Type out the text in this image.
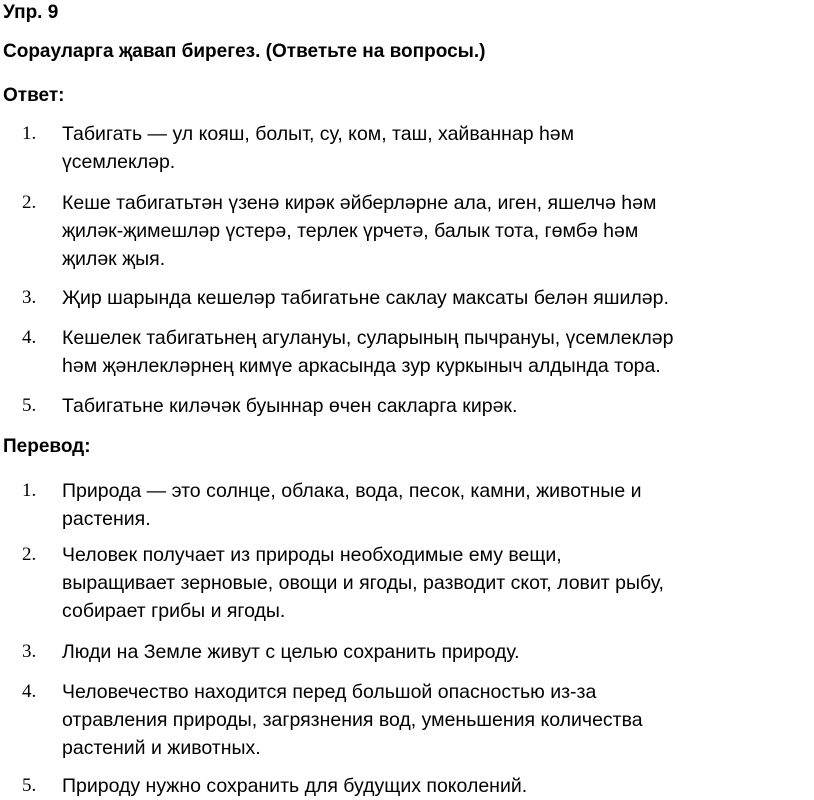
Упр. 9
Сорауларга җавап бирегез. (Ответьте на вопросы.)
Ответ:
1. Табигать — ул кояш, болыт, су, ком, таш, хайваннар һәм
үсемлекләр.
2. Кеше табигатьтән үзенә кирәк әйберләрне ала, иген, яшелчә һәм
җиләк-җимешләр үстерә, терлек үрчетә, балык тота, гөмбә һәм
җиләк җыя.
3. Җир шарында кешеләр табигатьне саклау максаты белән яшиләр.
4. Кешелек табигатьнең агулануы, суларының пычрануы, үсемлекләр
һәм җәнлекләрнең кимүе аркасында зур куркыныч алдында тора.
5. Табигатьне киләчәк буыннар өчен сакларга кирәк.
Перевод:
1. Природа — это солнце, облака, вода, песок, камни, животные и
растения.
2. Человек получает из природы необходимые ему вещи,
выращивает зерновые, овощи и ягоды, разводит скот, ловит рыбу,
собирает грибы и ягоды.
3. Люди на Земле живут с целью сохранить природу.
4. Человечество находится перед большой опасностью из-за
отравления природы, загрязнения вод, уменьшения количества
растений и животных.
5. Природу нужно сохранить для будущих поколений.
